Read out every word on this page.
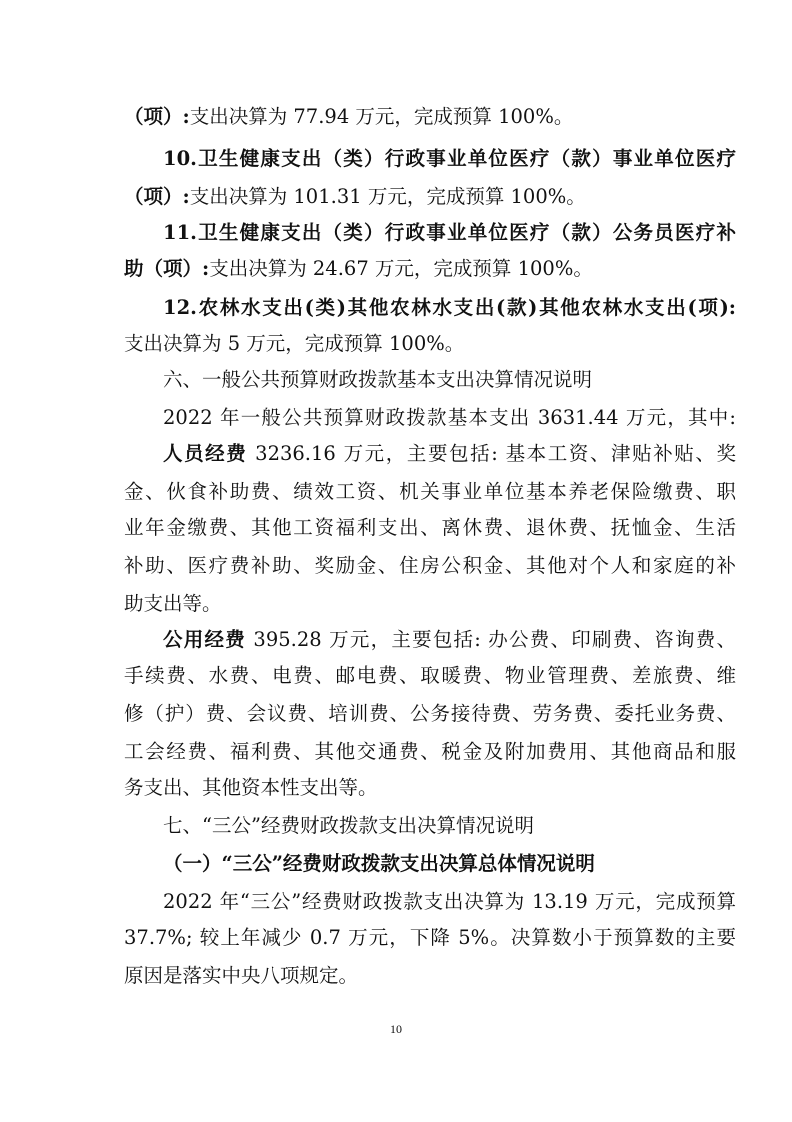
（项）:支出决算为 77.94 万元，完成预算 100%。
10.卫生健康支出（类）行政事业单位医疗（款）事业单位医疗
（项）:支出决算为 101.31 万元，完成预算 100%。
11.卫生健康支出（类）行政事业单位医疗（款）公务员医疗补
助（项）:支出决算为 24.67 万元，完成预算 100%。
12.农林水支出(类)其他农林水支出(款)其他农林水支出(项):
支出决算为 5 万元，完成预算 100%。
六、一般公共预算财政拨款基本支出决算情况说明
2022 年一般公共预算财政拨款基本支出 3631.44 万元，其中:
人员经费 3236.16 万元，主要包括: 基本工资、津贴补贴、奖
金、伙食补助费、绩效工资、机关事业单位基本养老保险缴费、职
业年金缴费、其他工资福利支出、离休费、退休费、抚恤金、生活
补助、医疗费补助、奖励金、住房公积金、其他对个人和家庭的补
助支出等。
公用经费 395.28 万元，主要包括: 办公费、印刷费、咨询费、
手续费、水费、电费、邮电费、取暖费、物业管理费、差旅费、维
修（护）费、会议费、培训费、公务接待费、劳务费、委托业务费、
工会经费、福利费、其他交通费、税金及附加费用、其他商品和服
务支出、其他资本性支出等。
七、“三公”经费财政拨款支出决算情况说明
（一）“三公”经费财政拨款支出决算总体情况说明
2022 年“三公”经费财政拨款支出决算为 13.19 万元，完成预算
37.7%; 较上年减少 0.7 万元，下降 5%。决算数小于预算数的主要
原因是落实中央八项规定。
10
